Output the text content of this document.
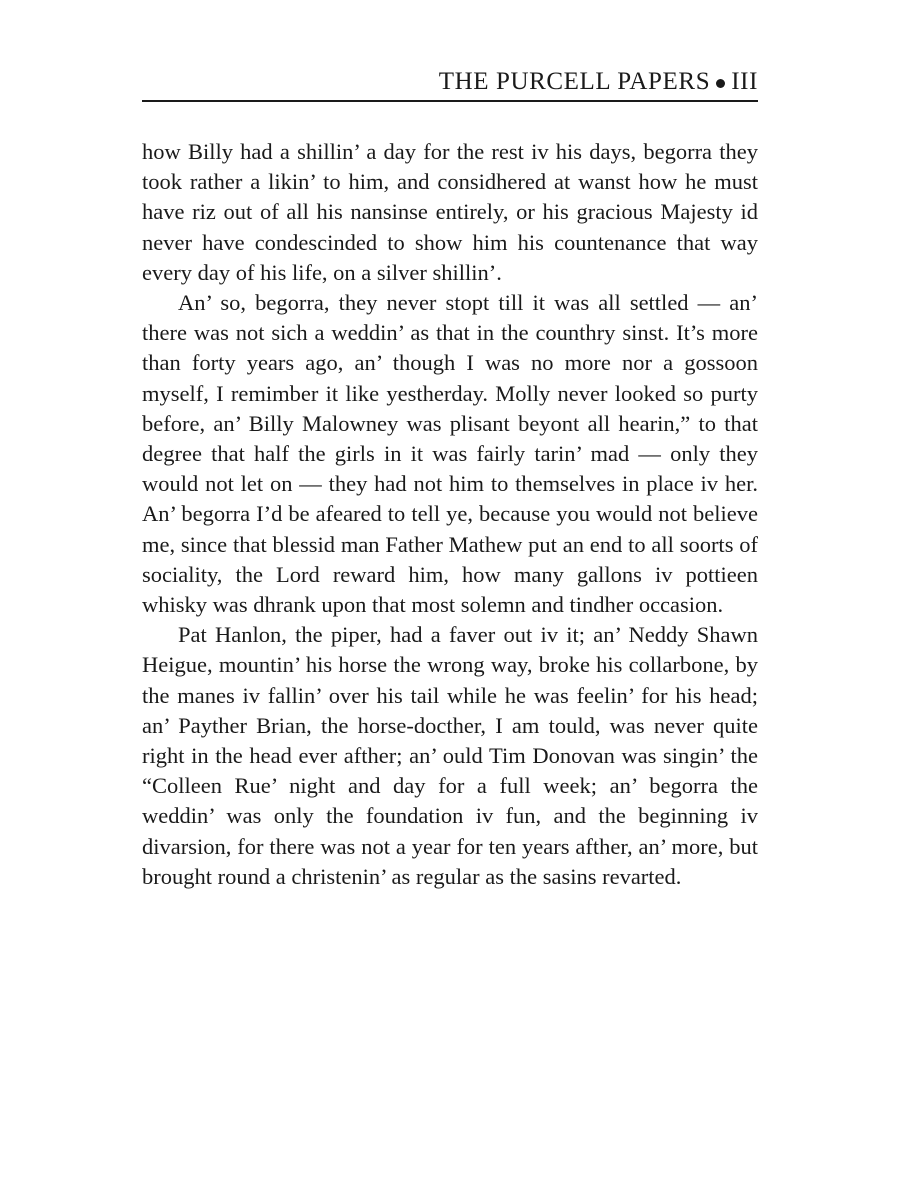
THE PURCELL PAPERS III

how Billy had a shillin’ a day for the rest iv his days, begorra they took rather a likin’ to him, and considhered at wanst how he must have riz out of all his nansinse entirely, or his gracious Majesty id never have condescinded to show him his countenance that way every day of his life, on a silver shillin’.

An’ so, begorra, they never stopt till it was all settled — an’ there was not sich a weddin’ as that in the counthry sinst. It’s more than forty years ago, an’ though I was no more nor a gossoon myself, I remimber it like yestherday. Molly never looked so purty before, an’ Billy Malowney was plisant beyont all hearin,” to that degree that half the girls in it was fairly tarin’ mad — only they would not let on — they had not him to themselves in place iv her. An’ begorra I’d be afeared to tell ye, because you would not believe me, since that blessid man Father Mathew put an end to all soorts of sociality, the Lord reward him, how many gallons iv pottieen whisky was dhrank upon that most solemn and tindher occasion.

Pat Hanlon, the piper, had a faver out iv it; an’ Neddy Shawn Heigue, mountin’ his horse the wrong way, broke his collarbone, by the manes iv fallin’ over his tail while he was feelin’ for his head; an’ Payther Brian, the horse-docther, I am tould, was never quite right in the head ever afther; an’ ould Tim Donovan was singin’ the “Colleen Rue’ night and day for a full week; an’ begorra the weddin’ was only the foundation iv fun, and the beginning iv divarsion, for there was not a year for ten years afther, an’ more, but brought round a christenin’ as regular as the sasins revarted.
